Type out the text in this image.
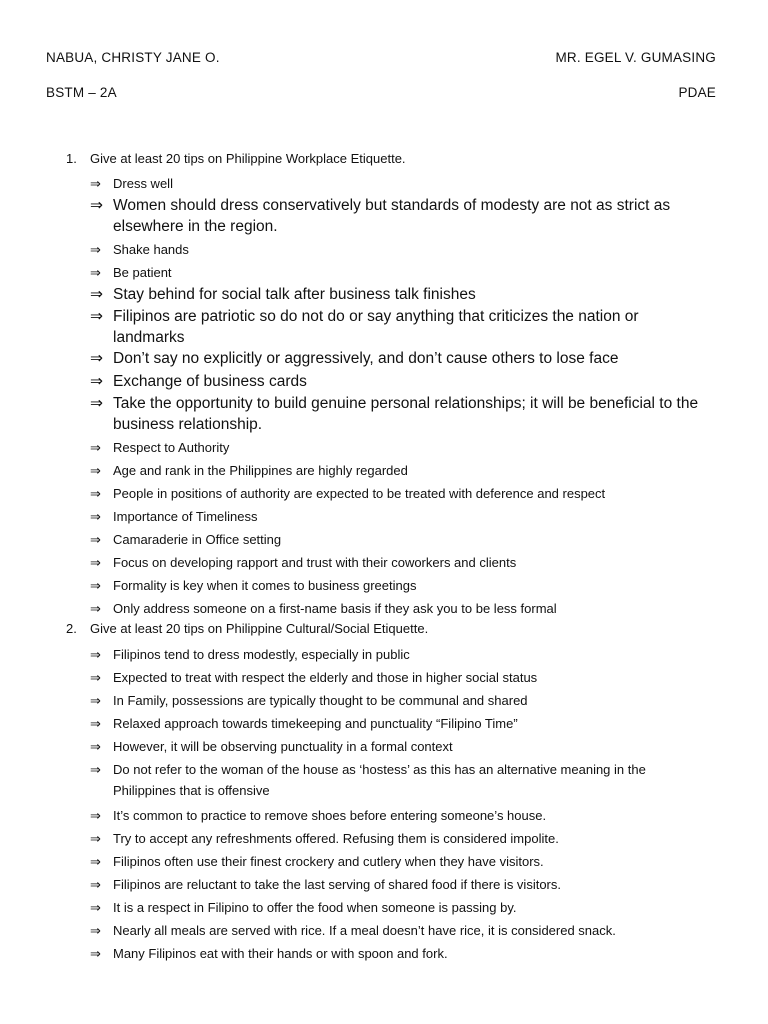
NABUA, CHRISTY JANE O.	MR. EGEL V. GUMASING
BSTM – 2A	PDAE
1. Give at least 20 tips on Philippine Workplace Etiquette.
⇒ Dress well
⇒ Women should dress conservatively but standards of modesty are not as strict as elsewhere in the region.
⇒ Shake hands
⇒ Be patient
⇒ Stay behind for social talk after business talk finishes
⇒ Filipinos are patriotic so do not do or say anything that criticizes the nation or landmarks
⇒ Don’t say no explicitly or aggressively, and don’t cause others to lose face
⇒ Exchange of business cards
⇒ Take the opportunity to build genuine personal relationships; it will be beneficial to the business relationship.
⇒ Respect to Authority
⇒ Age and rank in the Philippines are highly regarded
⇒ People in positions of authority are expected to be treated with deference and respect
⇒ Importance of Timeliness
⇒ Camaraderie in Office setting
⇒ Focus on developing rapport and trust with their coworkers and clients
⇒ Formality is key when it comes to business greetings
⇒ Only address someone on a first-name basis if they ask you to be less formal
2. Give at least 20 tips on Philippine Cultural/Social Etiquette.
⇒ Filipinos tend to dress modestly, especially in public
⇒ Expected to treat with respect the elderly and those in higher social status
⇒ In Family, possessions are typically thought to be communal and shared
⇒ Relaxed approach towards timekeeping and punctuality “Filipino Time”
⇒ However, it will be observing punctuality in a formal context
⇒ Do not refer to the woman of the house as ‘hostess’ as this has an alternative meaning in the Philippines that is offensive
⇒ It’s common to practice to remove shoes before entering someone’s house.
⇒ Try to accept any refreshments offered. Refusing them is considered impolite.
⇒ Filipinos often use their finest crockery and cutlery when they have visitors.
⇒ Filipinos are reluctant to take the last serving of shared food if there is visitors.
⇒ It is a respect in Filipino to offer the food when someone is passing by.
⇒ Nearly all meals are served with rice. If a meal doesn’t have rice, it is considered snack.
⇒ Many Filipinos eat with their hands or with spoon and fork.
